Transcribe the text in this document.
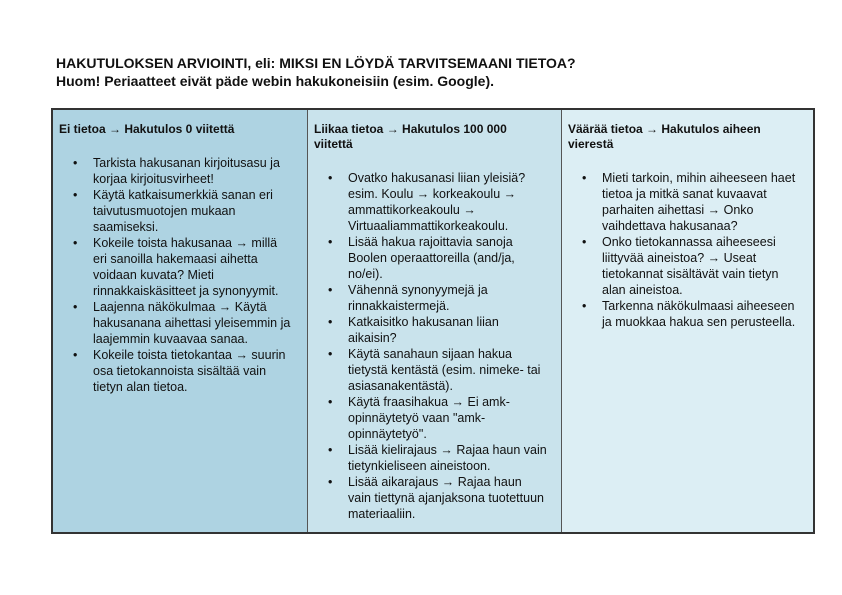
HAKUTULOKSEN ARVIOINTI, eli: MIKSI EN LÖYDÄ TARVITSEMAANI TIETOA?

Huom! Periaatteet eivät päde webin hakukoneisiin (esim. Google).

Ei tietoa → Hakutulos 0 viitettä

• Tarkista hakusanan kirjoitusasu ja korjaa kirjoitusvirheet!
• Käytä katkaisumerkkiä sanan eri taivutusmuotojen mukaan saamiseksi.
• Kokeile toista hakusanaa → millä eri sanoilla hakemaasi aihetta voidaan kuvata? Mieti rinnakkaiskäsitteet ja synonyymit.
• Laajenna näkökulmaa → Käytä hakusanana aihettasi yleisemmin ja laajemmin kuvaavaa sanaa.
• Kokeile toista tietokantaa → suurin osa tietokannoista sisältää vain tietyn alan tietoa.

Liikaa tietoa → Hakutulos 100 000 viitettä

• Ovatko hakusanasi liian yleisiä? esim. Koulu → korkeakoulu → ammattikorkeakoulu → Virtuaaliammattikorkeakoulu.
• Lisää hakua rajoittavia sanoja Boolen operaattoreilla (and/ja, no/ei).
• Vähennä synonyymejä ja rinnakkaistermejä.
• Katkaisitko hakusanan liian aikaisin?
• Käytä sanahaun sijaan hakua tietystä kentästä (esim. nimeke- tai asiasanakentästä).
• Käytä fraasihakua → Ei amk-opinnäytetyö vaan "amk-opinnäytetyö".
• Lisää kielirajaus → Rajaa haun vain tietynkieliseen aineistoon.
• Lisää aikarajaus → Rajaa haun vain tiettynä ajanjaksona tuotettuun materiaaliin.

Väärää tietoa → Hakutulos aiheen vierestä

• Mieti tarkoin, mihin aiheeseen haet tietoa ja mitkä sanat kuvaavat parhaiten aihettasi → Onko vaihdettava hakusanaa?
• Onko tietokannassa aiheeseesi liittyvää aineistoa? → Useat tietokannat sisältävät vain tietyn alan aineistoa.
• Tarkenna näkökulmaasi aiheeseen ja muokkaa hakua sen perusteella.
